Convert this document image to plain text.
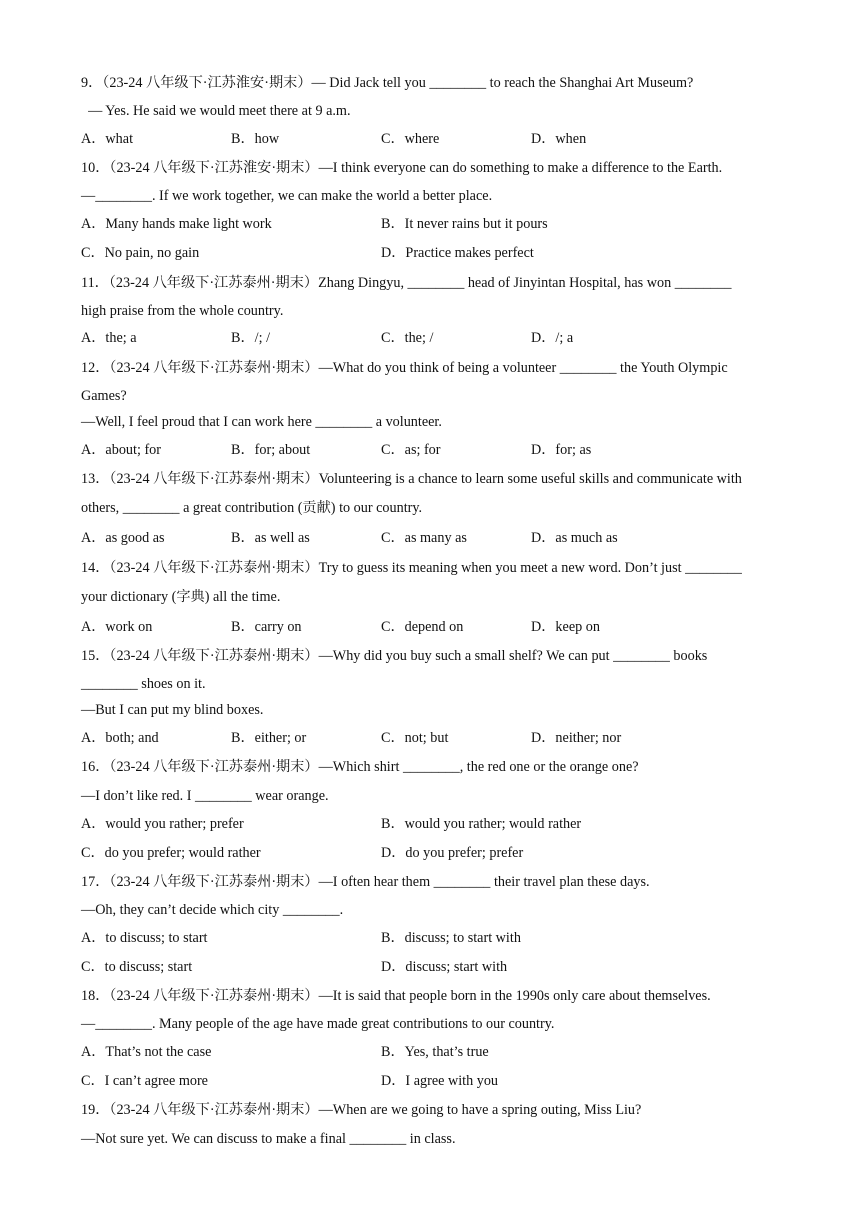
9．（23-24 八年级下·江苏淮安·期末）— Did Jack tell you ________ to reach the Shanghai Art Museum?
— Yes. He said we would meet there at 9 a.m.
A．what	B．how	C．where	D．when
10．（23-24 八年级下·江苏淮安·期末）—I think everyone can do something to make a difference to the Earth.
—________. If we work together, we can make the world a better place.
A．Many hands make light work	B．It never rains but it pours
C．No pain, no gain	D．Practice makes perfect
11．（23-24 八年级下·江苏泰州·期末）Zhang Dingyu, ________ head of Jinyintan Hospital, has won ________
high praise from the whole country.
A．the; a	B．/; /	C．the; /	D．/; a
12．（23-24 八年级下·江苏泰州·期末）—What do you think of being a volunteer ________ the Youth Olympic
Games?
—Well, I feel proud that I can work here ________ a volunteer.
A．about; for	B．for; about	C．as; for	D．for; as
13．（23-24 八年级下·江苏泰州·期末）Volunteering is a chance to learn some useful skills and communicate with
others, ________ a great contribution (贡献) to our country.
A．as good as	B．as well as	C．as many as	D．as much as
14．（23-24 八年级下·江苏泰州·期末）Try to guess its meaning when you meet a new word. Don’t just ________
your dictionary (字典) all the time.
A．work on	B．carry on	C．depend on	D．keep on
15．（23-24 八年级下·江苏泰州·期末）—Why did you buy such a small shelf? We can put ________ books
________ shoes on it.
—But I can put my blind boxes.
A．both; and	B．either; or	C．not; but	D．neither; nor
16．（23-24 八年级下·江苏泰州·期末）—Which shirt ________, the red one or the orange one?
—I don’t like red. I ________ wear orange.
A．would you rather; prefer	B．would you rather; would rather
C．do you prefer; would rather	D．do you prefer; prefer
17．（23-24 八年级下·江苏泰州·期末）—I often hear them ________ their travel plan these days.
—Oh, they can’t decide which city ________.
A．to discuss; to start	B．discuss; to start with
C．to discuss; start	D．discuss; start with
18．（23-24 八年级下·江苏泰州·期末）—It is said that people born in the 1990s only care about themselves.
—________. Many people of the age have made great contributions to our country.
A．That’s not the case	B．Yes, that’s true
C．I can’t agree more	D．I agree with you
19．（23-24 八年级下·江苏泰州·期末）—When are we going to have a spring outing, Miss Liu?
—Not sure yet. We can discuss to make a final ________ in class.
